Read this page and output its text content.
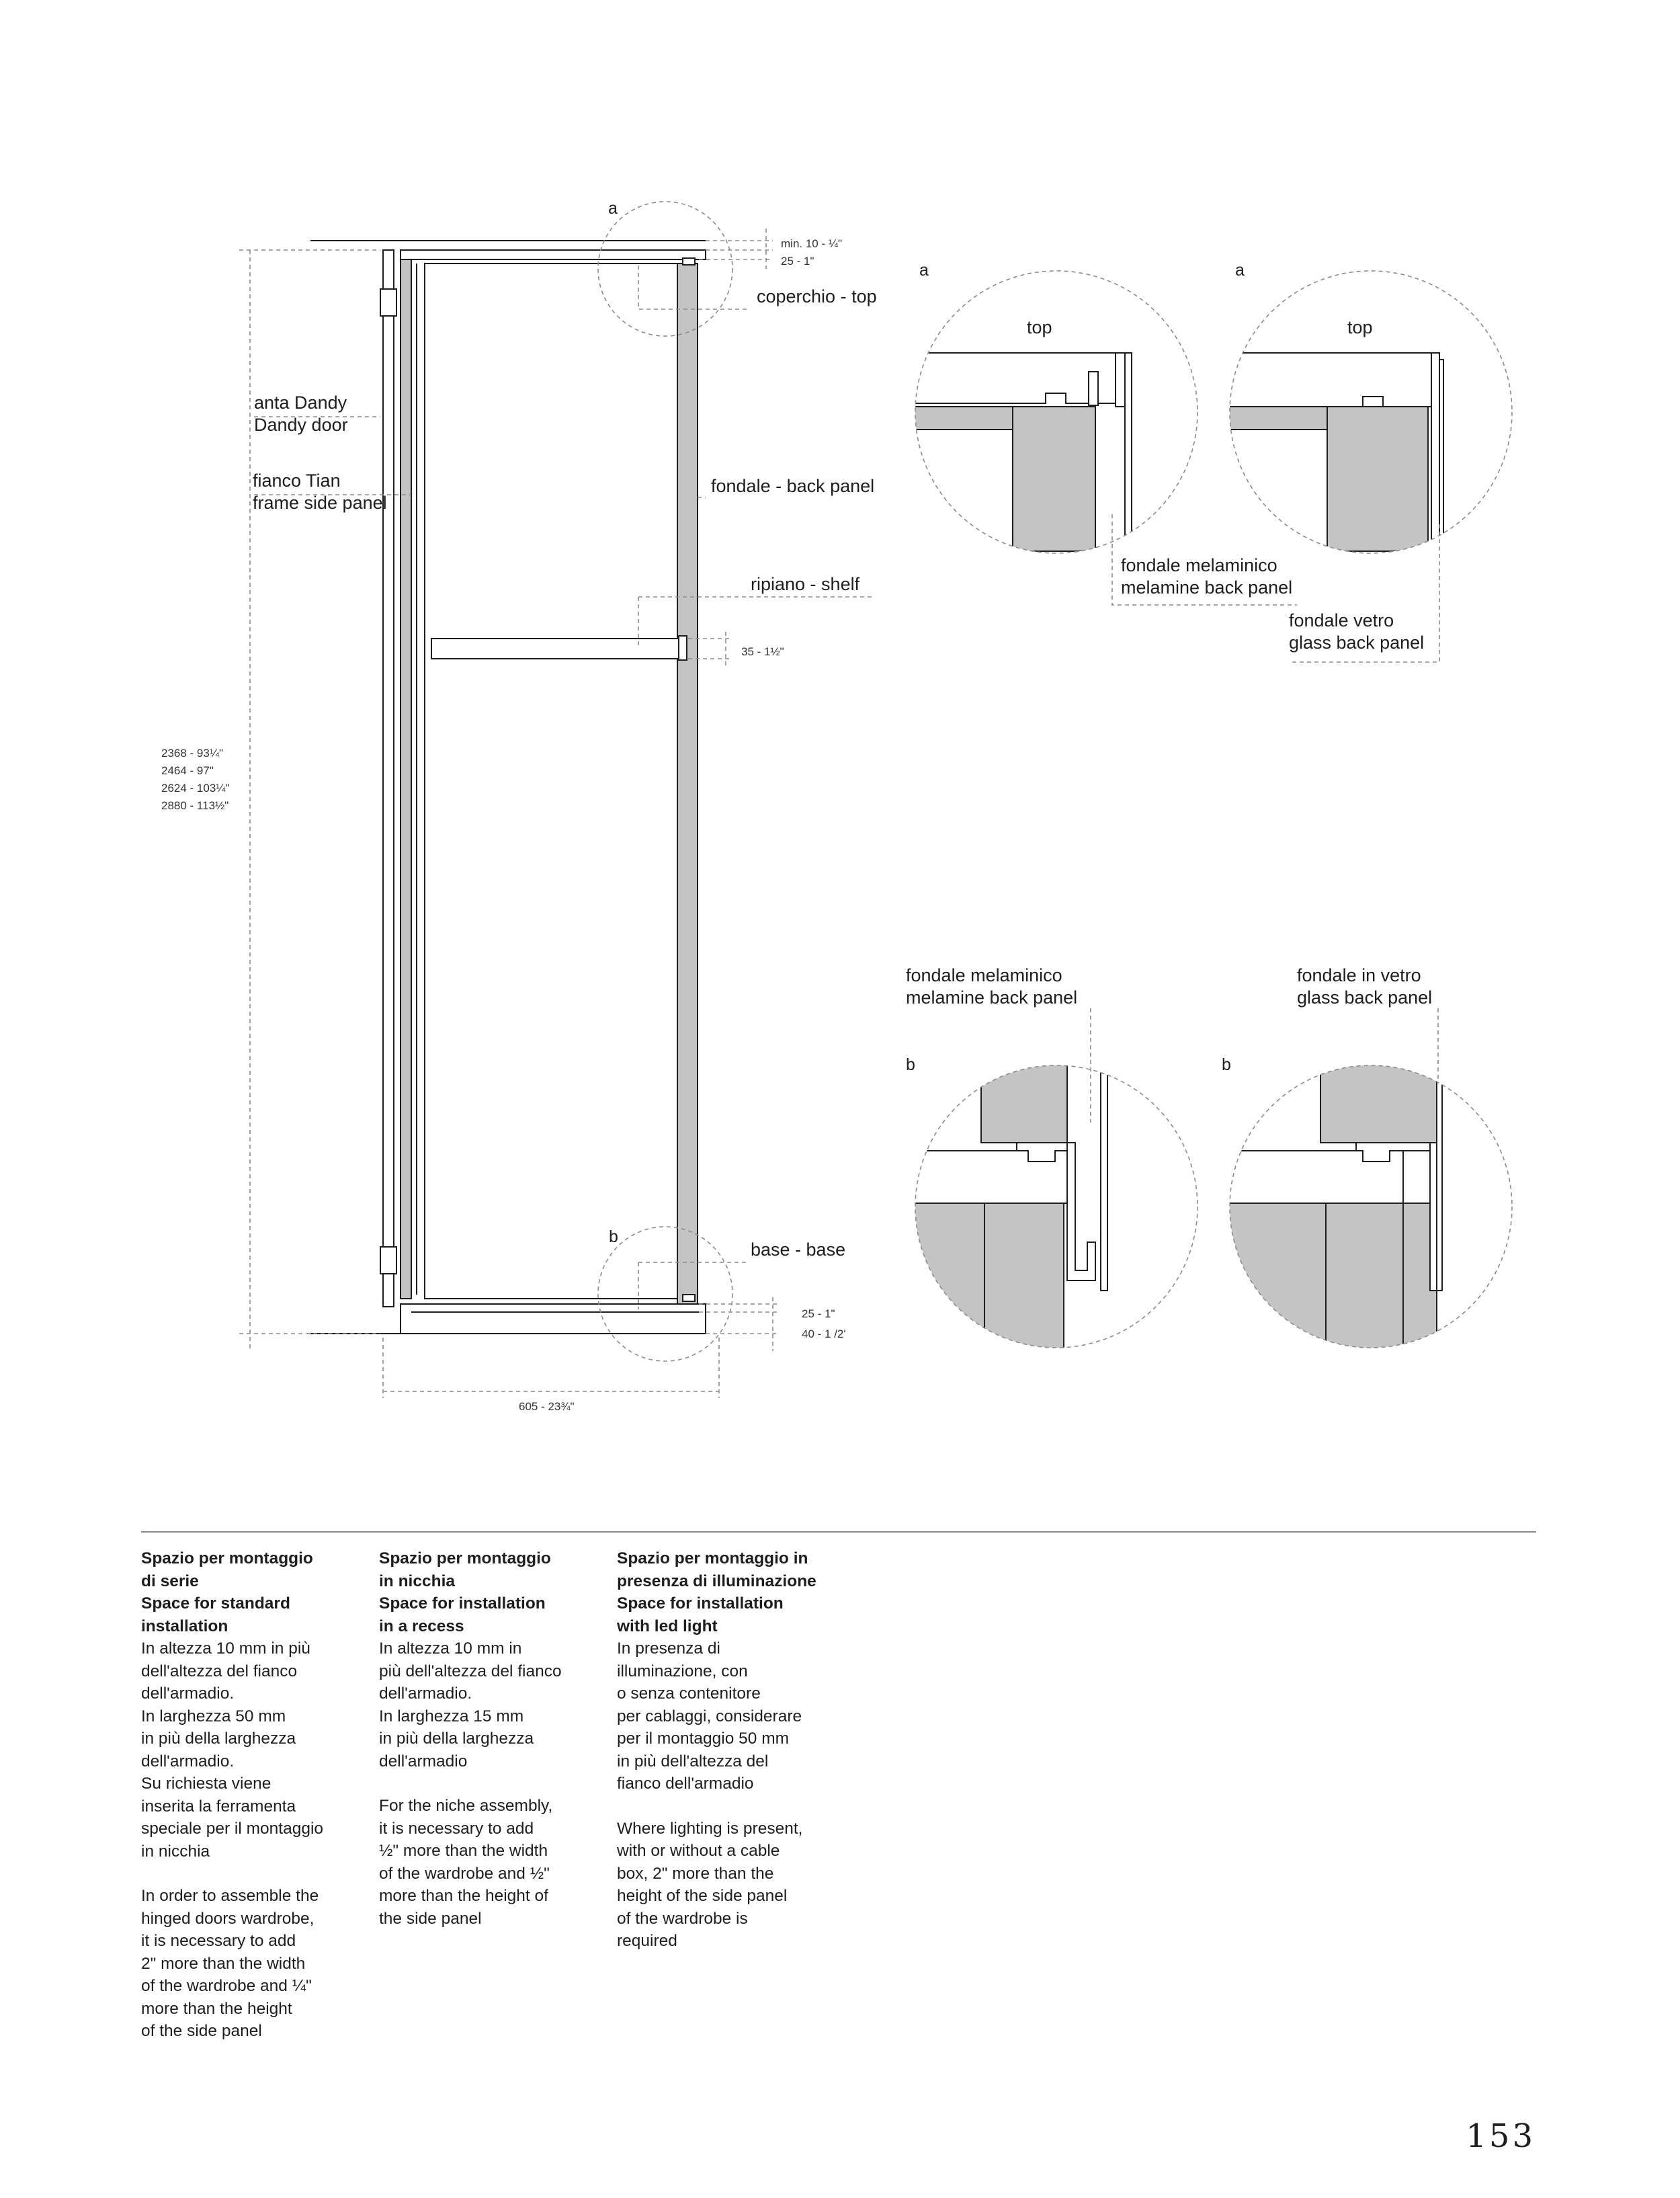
a
b
anta Dandy
Dandy door
fianco Tian
frame side panel
fondale - back panel
ripiano - shelf
coperchio - top
base - base
2368 - 93¼"
2464 - 97"
2624 - 103¼"
2880 - 113½"
min. 10 - ¼"
25 - 1"
35 - 1½"
25 - 1"
40 - 1 /2'
605 - 23¾"
a
top
fondale melaminico
melamine back panel
a
top
fondale vetro
glass back panel
fondale melaminico
melamine back panel
b
fondale in vetro
glass back panel
b
Spazio per montaggio
di serie
Space for standard
installation
In altezza 10 mm in più
dell'altezza del fianco
dell'armadio.
In larghezza 50 mm
in più della larghezza
dell'armadio.
Su richiesta viene
inserita la ferramenta
speciale per il montaggio
in nicchia
In order to assemble the
hinged doors wardrobe,
it is necessary to add
2" more than the width
of the wardrobe and ¼"
more than the height
of the side panel
Spazio per montaggio
in nicchia
Space for installation
in a recess
In altezza 10 mm in
più dell'altezza del fianco
dell'armadio.
In larghezza 15 mm
in più della larghezza
dell'armadio
For the niche assembly,
it is necessary to add
½" more than the width
of the wardrobe and ½"
more than the height of
the side panel
Spazio per montaggio in
presenza di illuminazione
Space for installation
with led light
In presenza di
illuminazione, con
o senza contenitore
per cablaggi, considerare
per il montaggio 50 mm
in più dell'altezza del
fianco dell'armadio
Where lighting is present,
with or without a cable
box, 2" more than the
height of the side panel
of the wardrobe is
required
153
